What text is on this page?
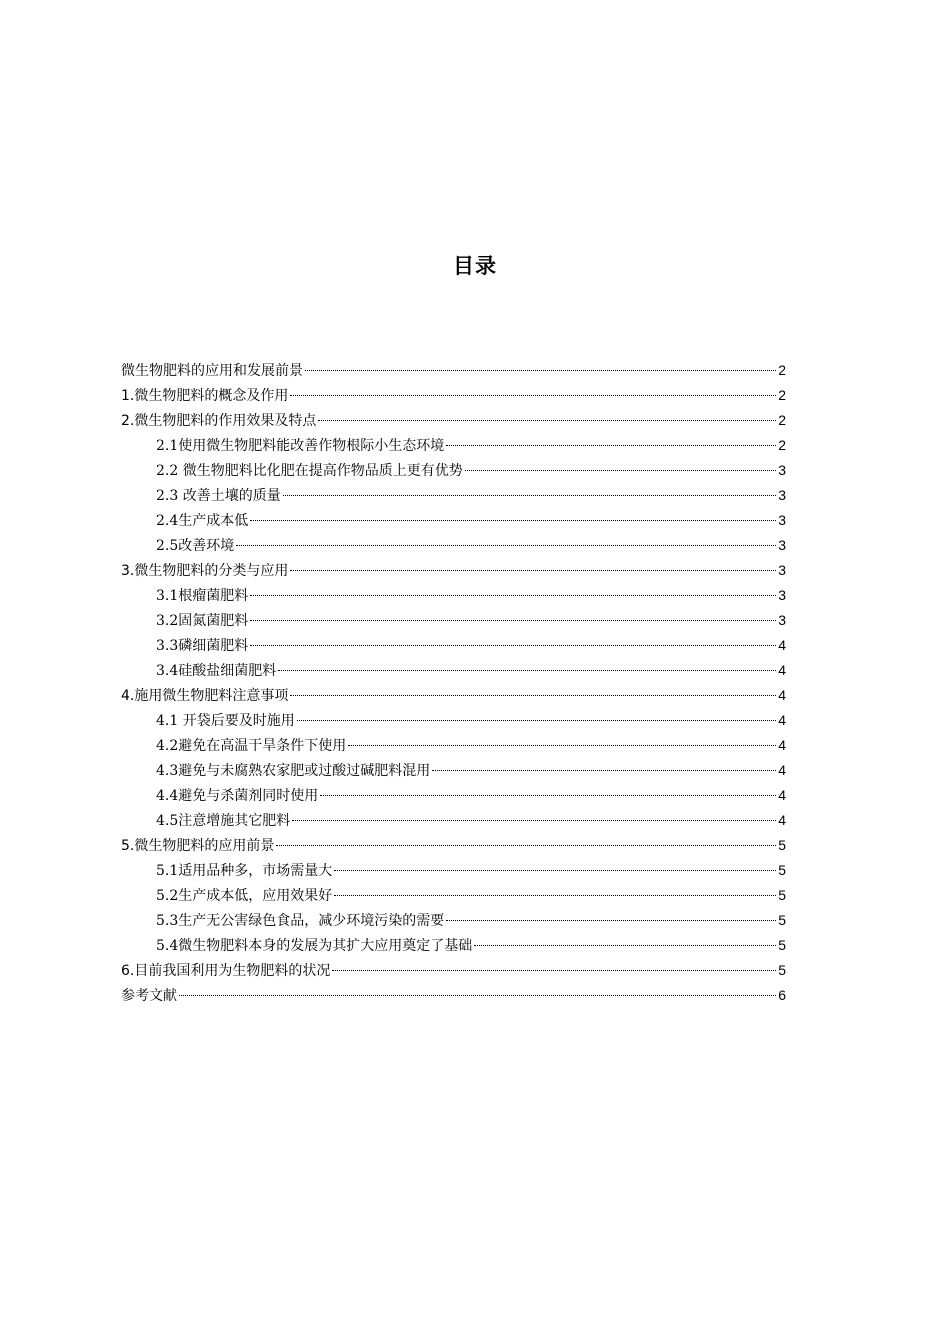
目录
微生物肥料的应用和发展前景	2
1.微生物肥料的概念及作用	2
2.微生物肥料的作用效果及特点	2
2.1使用微生物肥料能改善作物根际小生态环境	2
2.2 微生物肥料比化肥在提高作物品质上更有优势	3
2.3 改善土壤的质量	3
2.4生产成本低	3
2.5改善环境	3
3.微生物肥料的分类与应用	3
3.1根瘤菌肥料	3
3.2固氮菌肥料	3
3.3磷细菌肥料	4
3.4硅酸盐细菌肥料	4
4.施用微生物肥料注意事项	4
4.1 开袋后要及时施用	4
4.2避免在高温干旱条件下使用	4
4.3避免与未腐熟农家肥或过酸过碱肥料混用	4
4.4避免与杀菌剂同时使用	4
4.5注意增施其它肥料	4
5.微生物肥料的应用前景	5
5.1适用品种多，市场需量大	5
5.2生产成本低，应用效果好	5
5.3生产无公害绿色食品，减少环境污染的需要	5
5.4微生物肥料本身的发展为其扩大应用奠定了基础	5
6.目前我国利用为生物肥料的状况	5
参考文献	6
